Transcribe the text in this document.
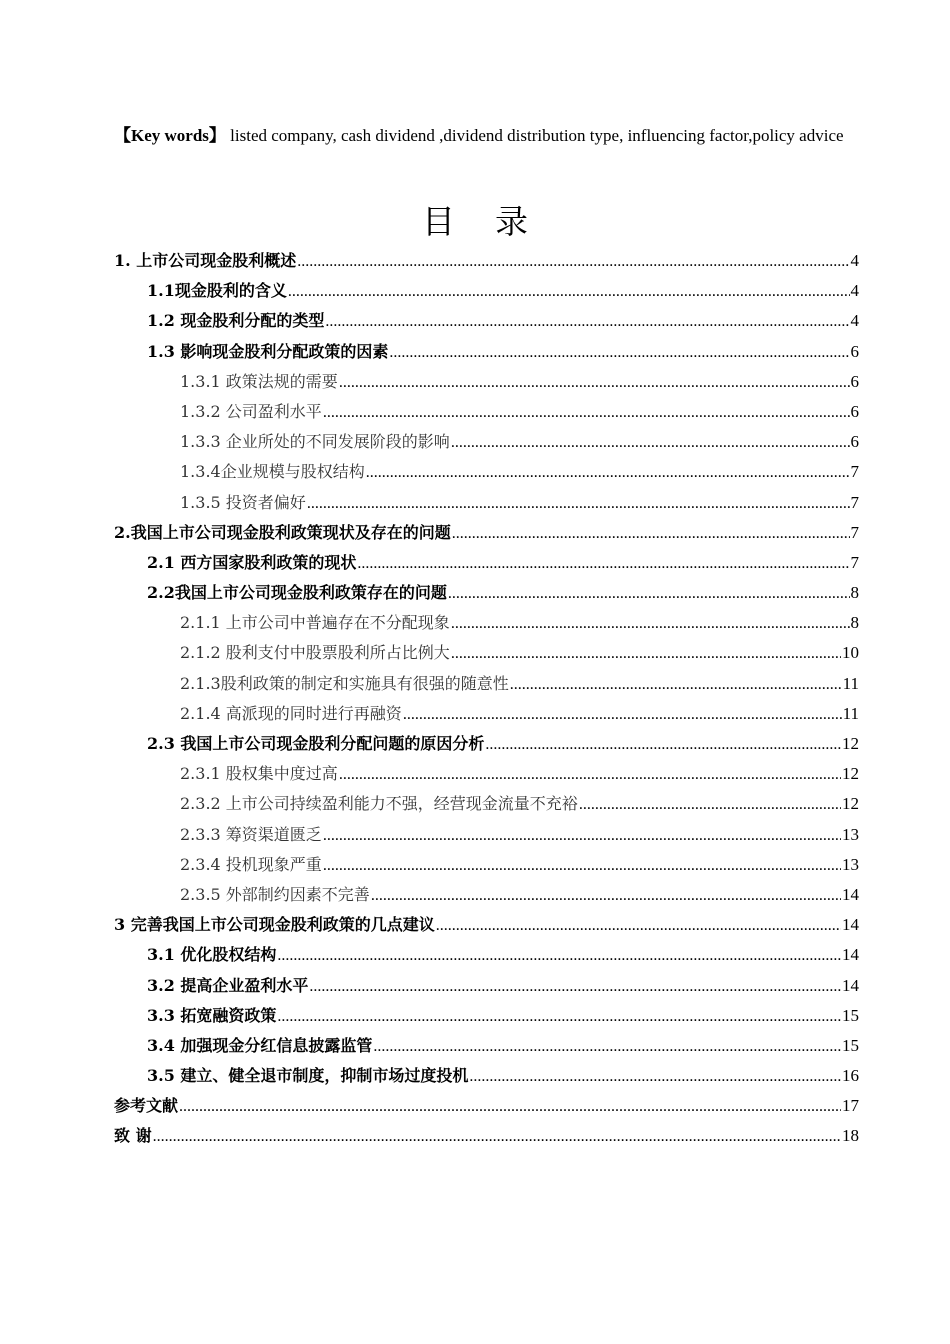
【Key words】 listed company, cash dividend ,dividend distribution type, influencing factor,policy advice
目录
1. 上市公司现金股利概述 .....	4
1.1现金股利的含义 .....	4
1.2 现金股利分配的类型 .....	4
1.3 影响现金股利分配政策的因素 .....	6
1.3.1 政策法规的需要 .....	6
1.3.2 公司盈利水平 .....	6
1.3.3 企业所处的不同发展阶段的影响 .....	6
1.3.4企业规模与股权结构 .....	7
1.3.5 投资者偏好 .....	7
2.我国上市公司现金股利政策现状及存在的问题 .....	7
2.1 西方国家股利政策的现状 .....	7
2.2我国上市公司现金股利政策存在的问题 .....	8
2.1.1 上市公司中普遍存在不分配现象 .....	8
2.1.2 股利支付中股票股利所占比例大 .....	10
2.1.3股利政策的制定和实施具有很强的随意性 .....	11
2.1.4 高派现的同时进行再融资 .....	11
2.3 我国上市公司现金股利分配问题的原因分析 .....	12
2.3.1 股权集中度过高 .....	12
2.3.2 上市公司持续盈利能力不强，经营现金流量不充裕 .....	12
2.3.3 筹资渠道匮乏 .....	13
2.3.4 投机现象严重 .....	13
2.3.5 外部制约因素不完善 .....	14
3 完善我国上市公司现金股利政策的几点建议 .....	14
3.1 优化股权结构 .....	14
3.2 提高企业盈利水平 .....	14
3.3 拓宽融资政策 .....	15
3.4 加强现金分红信息披露监管 .....	15
3.5 建立、健全退市制度，抑制市场过度投机 .....	16
参考文献 .....	17
致 谢 .....	18
